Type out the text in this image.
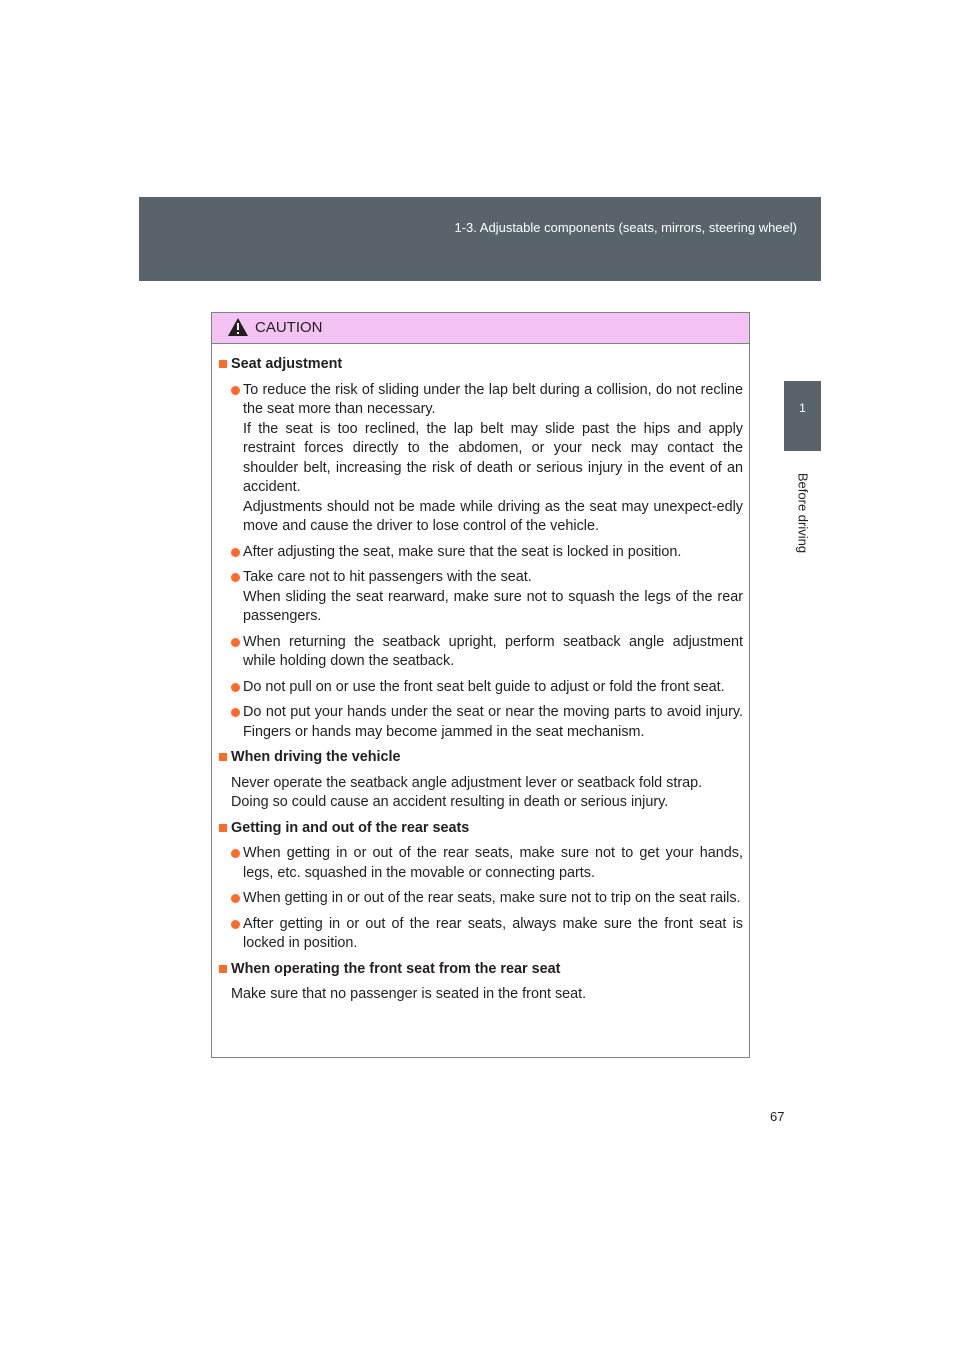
1-3. Adjustable components (seats, mirrors, steering wheel)
1
Before driving
CAUTION
Seat adjustment
To reduce the risk of sliding under the lap belt during a collision, do not recline the seat more than necessary.
If the seat is too reclined, the lap belt may slide past the hips and apply restraint forces directly to the abdomen, or your neck may contact the shoulder belt, increasing the risk of death or serious injury in the event of an accident.
Adjustments should not be made while driving as the seat may unexpect-edly move and cause the driver to lose control of the vehicle.
After adjusting the seat, make sure that the seat is locked in position.
Take care not to hit passengers with the seat.
When sliding the seat rearward, make sure not to squash the legs of the rear passengers.
When returning the seatback upright, perform seatback angle adjustment while holding down the seatback.
Do not pull on or use the front seat belt guide to adjust or fold the front seat.
Do not put your hands under the seat or near the moving parts to avoid injury. Fingers or hands may become jammed in the seat mechanism.
When driving the vehicle
Never operate the seatback angle adjustment lever or seatback fold strap.
Doing so could cause an accident resulting in death or serious injury.
Getting in and out of the rear seats
When getting in or out of the rear seats, make sure not to get your hands, legs, etc. squashed in the movable or connecting parts.
When getting in or out of the rear seats, make sure not to trip on the seat rails.
After getting in or out of the rear seats, always make sure the front seat is locked in position.
When operating the front seat from the rear seat
Make sure that no passenger is seated in the front seat.
67
